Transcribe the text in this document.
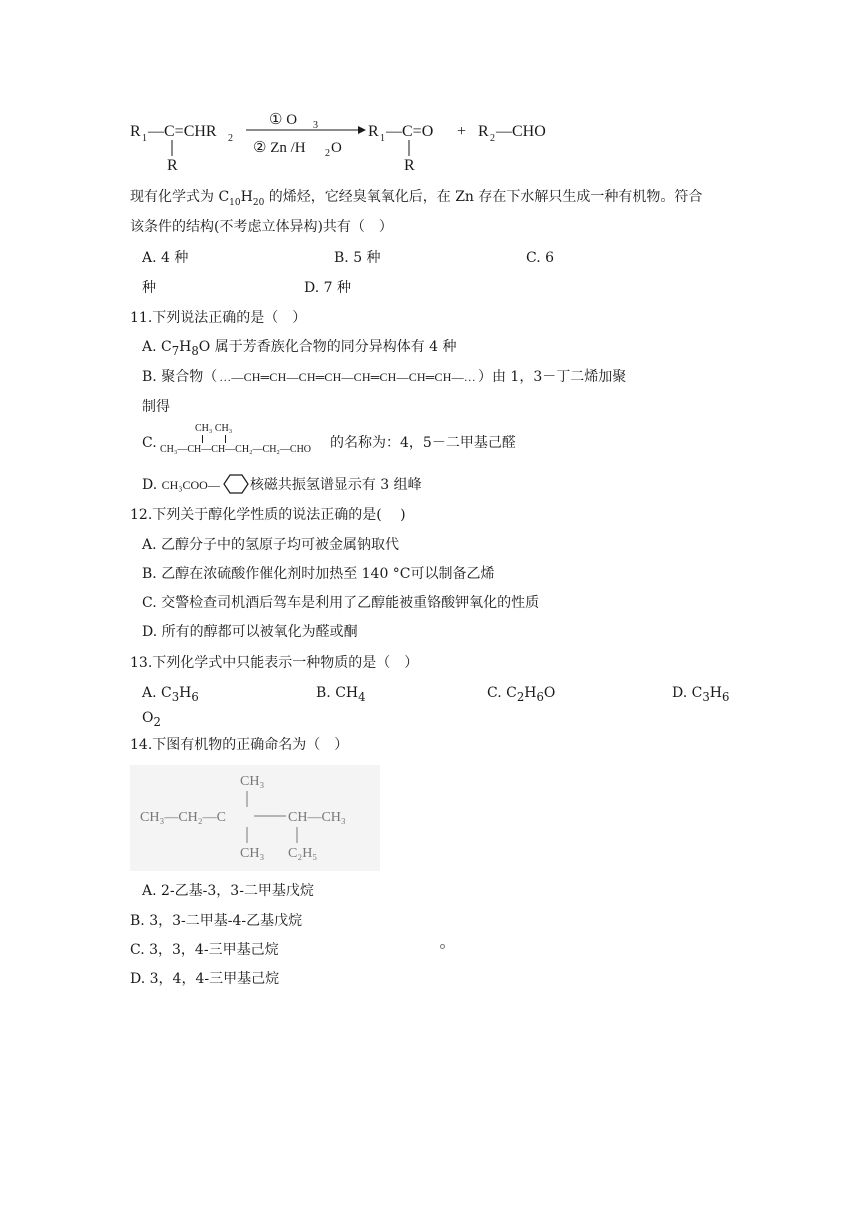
R 1 —C=CHR 2
R
① O 3
② Zn /H 2 O
R 1 —C=O
R
+ R 2 —CHO
现有化学式为 $C_{10}H_{20}$ 的烯烃，它经臭氧氧化后，在 Zn 存在下水解只生成一种有机物。符合
该条件的结构(不考虑立体异构)共有（　）
A. 4 种	B. 5 种	C. 6
种	D. 7 种
11.下列说法正确的是（　）
A. $C_7H_8O$ 属于芳香族化合物的同分异构体有 4 种
B. 聚合物（ …—CH═CH—CH═CH—CH═CH—CH═CH—… ）由 1，3－丁二烯加聚
制得
C.
CH₃ CH₃
CH₃—CH—CH—CH₂—CH₂—CHO 的名称为：4，5－二甲基己醛
D. CH₃COO— 核磁共振氢谱显示有 3 组峰
12.下列关于醇化学性质的说法正确的是(　 )
A. 乙醇分子中的氢原子均可被金属钠取代
B. 乙醇在浓硫酸作催化剂时加热至 140 °C可以制备乙烯
C. 交警检查司机酒后驾车是利用了乙醇能被重铬酸钾氧化的性质
D. 所有的醇都可以被氧化为醛或酮
13.下列化学式中只能表示一种物质的是（　）
A. $C_3H_6$	B. $CH_4$	C. $C_2H_6O$	D. $C_3H_6$
$O_2$
14.下图有机物的正确命名为（　）
CH₃
CH₃—CH₂—C	CH—CH₃
CH₃ C₂H₅
A. 2-乙基-3，3-二甲基戊烷
B. 3，3-二甲基-4-乙基戊烷
C. 3，3，4-三甲基己烷
D. 3，4，4-三甲基己烷
